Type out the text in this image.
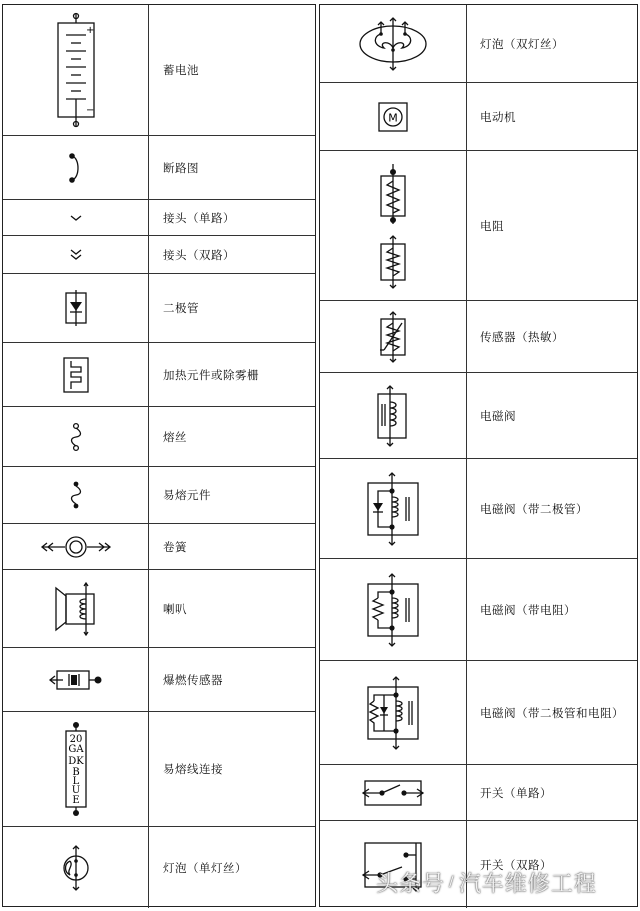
+
−
蓄电池
断路图
接头（单路）
接头（双路）
二极管
加热元件或除雾栅
熔丝
易熔元件
卷簧
喇叭
爆燃传感器
20
GA
DK
B
L
U
E
易熔线连接
灯泡（单灯丝）
灯泡（双灯丝）
M	电动机
电阻
传感器（热敏）
电磁阀
电磁阀（带二极管）
电磁阀（带电阻）
电磁阀（带二极管和电阻）
开关（单路）
开关（双路）
头条号 / 汽车维修工程
